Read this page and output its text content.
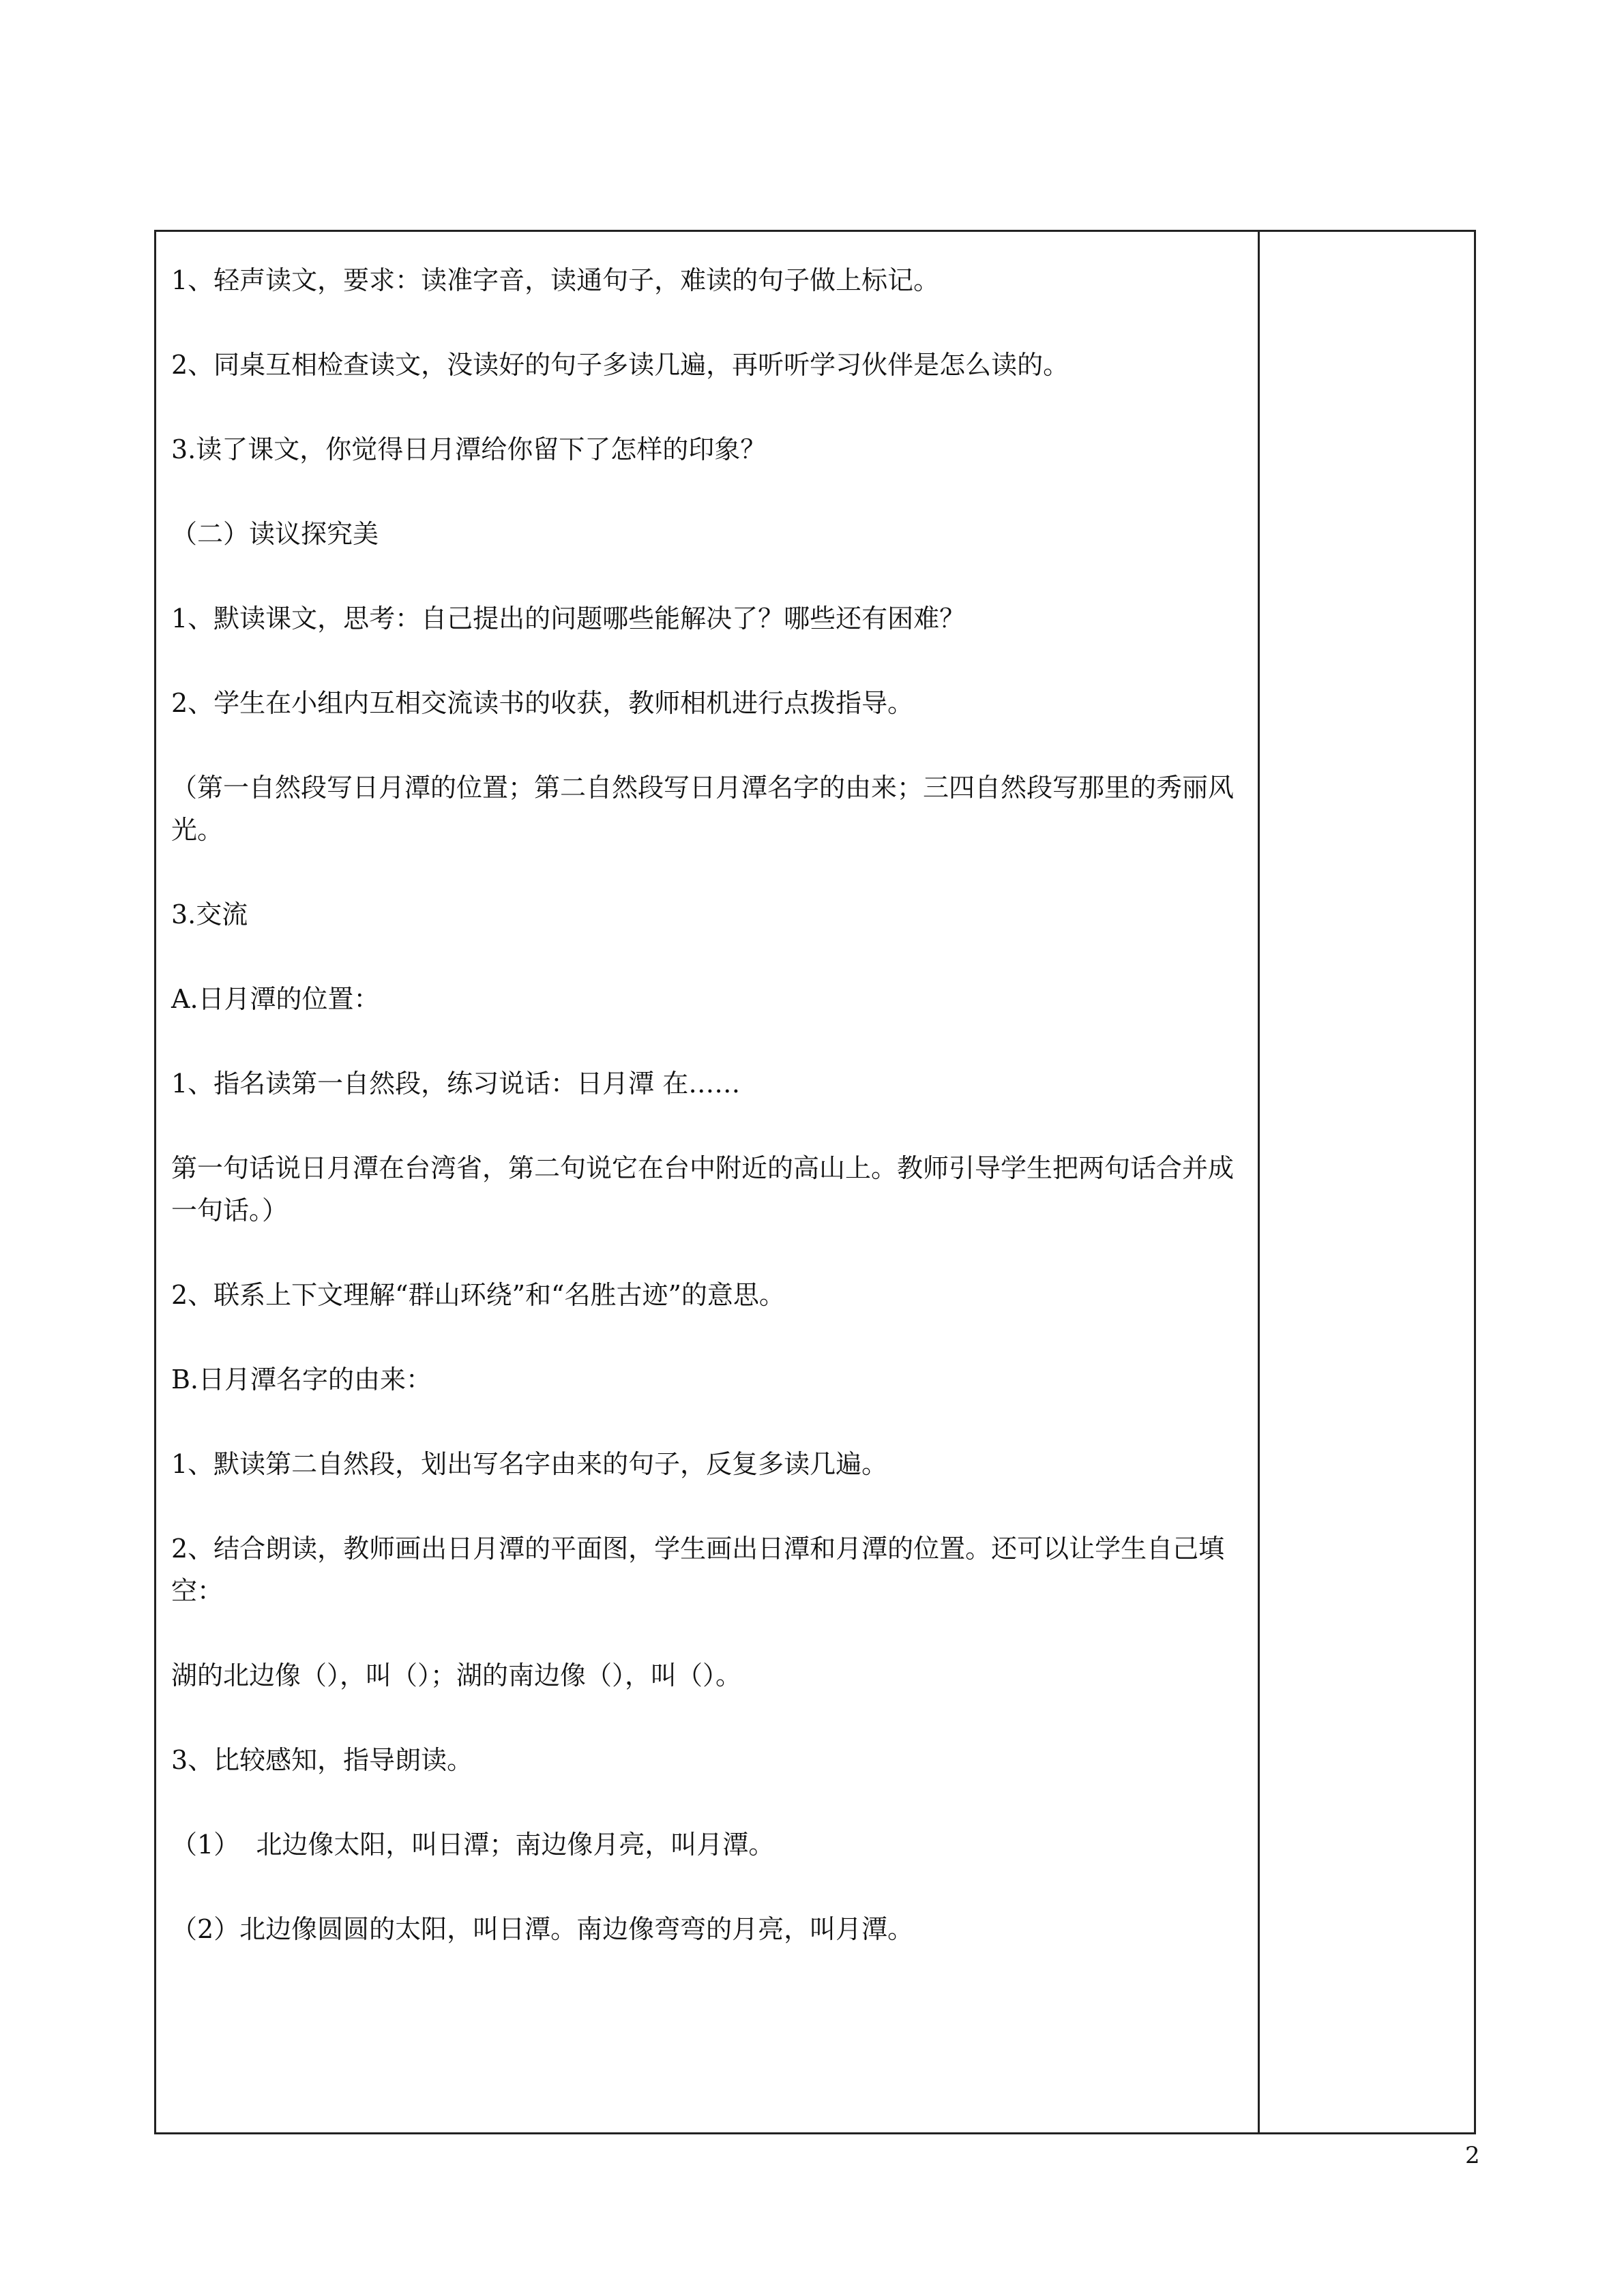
1、轻声读文，要求：读准字音，读通句子，难读的句子做上标记。

2、同桌互相检查读文，没读好的句子多读几遍，再听听学习伙伴是怎么读的。

3.读了课文，你觉得日月潭给你留下了怎样的印象？

（二）读议探究美

1、默读课文，思考：自己提出的问题哪些能解决了？哪些还有困难？

2、学生在小组内互相交流读书的收获，教师相机进行点拨指导。

（第一自然段写日月潭的位置；第二自然段写日月潭名字的由来；三四自然段写那里的秀丽风光。

3.交流

A.日月潭的位置：

1、指名读第一自然段，练习说话：日月潭 在……

第一句话说日月潭在台湾省，第二句说它在台中附近的高山上。教师引导学生把两句话合并成一句话。）

2、联系上下文理解“群山环绕”和“名胜古迹”的意思。

B.日月潭名字的由来：

1、默读第二自然段，划出写名字由来的句子，反复多读几遍。

2、结合朗读，教师画出日月潭的平面图，学生画出日潭和月潭的位置。还可以让学生自己填空：

湖的北边像（），叫（）；湖的南边像（），叫（）。

3、比较感知，指导朗读。

（1）  北边像太阳，叫日潭；南边像月亮，叫月潭。

（2）北边像圆圆的太阳，叫日潭。南边像弯弯的月亮，叫月潭。

2
